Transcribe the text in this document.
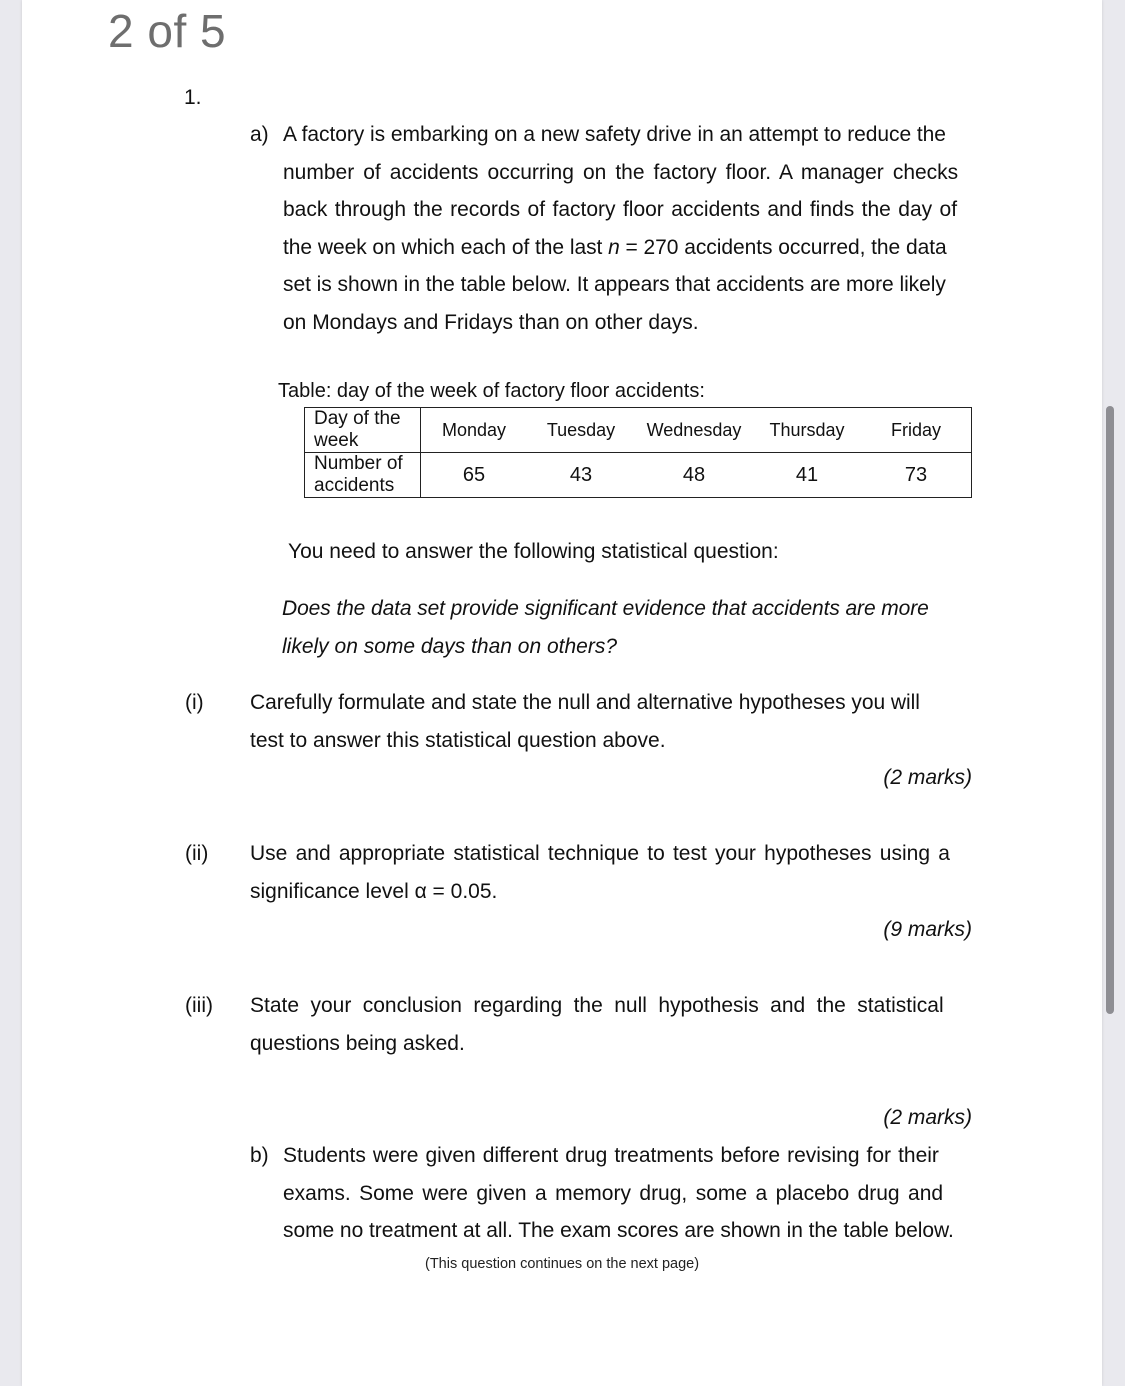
2 of 5
1.
a) A factory is embarking on a new safety drive in an attempt to reduce the
number of accidents occurring on the factory floor. A manager checks
back through the records of factory floor accidents and finds the day of
the week on which each of the last n = 270 accidents occurred, the data
set is shown in the table below. It appears that accidents are more likely
on Mondays and Fridays than on other days.
Table: day of the week of factory floor accidents:
Day of the
week	Monday	Tuesday	Wednesday	Thursday	Friday
Number of
accidents	65	43	48	41	73
You need to answer the following statistical question:
Does the data set provide significant evidence that accidents are more
likely on some days than on others?
(i) Carefully formulate and state the null and alternative hypotheses you will
test to answer this statistical question above.
(2 marks)
(ii) Use and appropriate statistical technique to test your hypotheses using a
significance level α = 0.05.
(9 marks)
(iii) State your conclusion regarding the null hypothesis and the statistical
questions being asked.
(2 marks)
b) Students were given different drug treatments before revising for their
exams. Some were given a memory drug, some a placebo drug and
some no treatment at all. The exam scores are shown in the table below.
(This question continues on the next page)
